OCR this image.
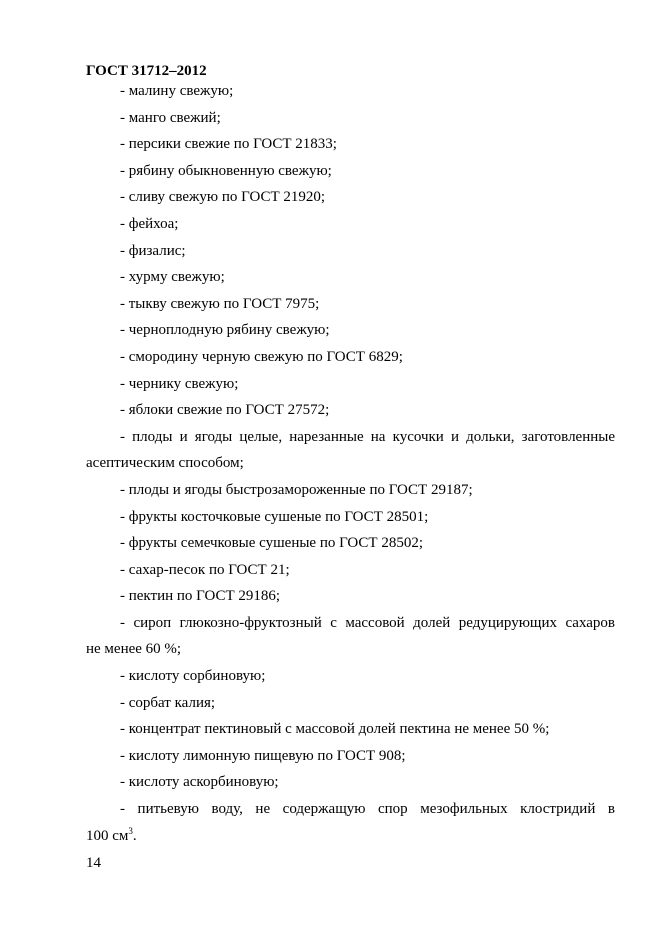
ГОСТ 31712–2012

- малину свежую;

- манго свежий;

- персики свежие по ГОСТ 21833;

- рябину обыкновенную свежую;

- сливу свежую по ГОСТ 21920;

- фейхоа;

- физалис;

- хурму свежую;

- тыкву свежую по ГОСТ 7975;

- черноплодную рябину свежую;

- смородину черную свежую по ГОСТ 6829;

- чернику свежую;

- яблоки свежие по ГОСТ 27572;

- плоды и ягоды целые, нарезанные на кусочки и дольки, заготовленные
асептическим способом;

- плоды и ягоды быстрозамороженные по ГОСТ 29187;

- фрукты косточковые сушеные по ГОСТ 28501;

- фрукты семечковые сушеные по ГОСТ 28502;

- сахар-песок по ГОСТ 21;

- пектин по ГОСТ 29186;

- сироп глюкозно-фруктозный с массовой долей редуцирующих сахаров
не менее 60 %;

- кислоту сорбиновую;

- сорбат калия;

- концентрат пектиновый с массовой долей пектина не менее 50 %;

- кислоту лимонную пищевую по ГОСТ 908;

- кислоту аскорбиновую;

- питьевую воду, не содержащую спор мезофильных клостридий в
100 $см^3$.
14
